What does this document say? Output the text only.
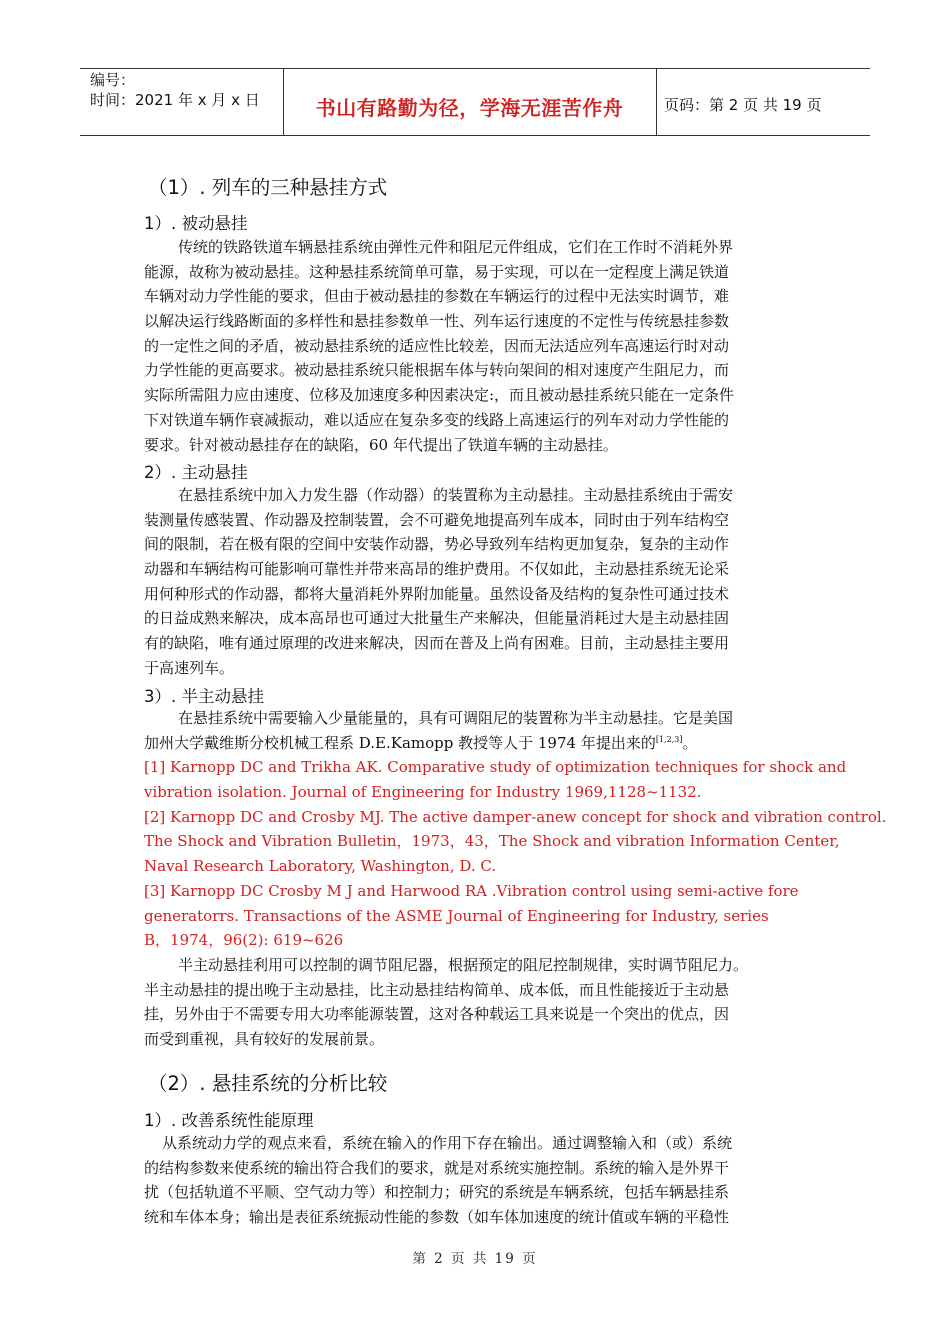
编号：
时间：2021 年 x 月 x 日	书山有路勤为径，学海无涯苦作舟	页码：第 2 页 共 19 页
（1）. 列车的三种悬挂方式
1）. 被动悬挂
传统的铁路铁道车辆悬挂系统由弹性元件和阻尼元件组成，它们在工作时不消耗外界
能源，故称为被动悬挂。这种悬挂系统简单可靠，易于实现，可以在一定程度上满足铁道
车辆对动力学性能的要求，但由于被动悬挂的参数在车辆运行的过程中无法实时调节，难
以解决运行线路断面的多样性和悬挂参数单一性、列车运行速度的不定性与传统悬挂参数
的一定性之间的矛盾，被动悬挂系统的适应性比较差，因而无法适应列车高速运行时对动
力学性能的更高要求。被动悬挂系统只能根据车体与转向架间的相对速度产生阻尼力，而
实际所需阻力应由速度、位移及加速度多种因素决定:，而且被动悬挂系统只能在一定条件
下对铁道车辆作衰减振动，难以适应在复杂多变的线路上高速运行的列车对动力学性能的
要求。针对被动悬挂存在的缺陷，60 年代提出了铁道车辆的主动悬挂。
2）. 主动悬挂
在悬挂系统中加入力发生器（作动器）的装置称为主动悬挂。主动悬挂系统由于需安
装测量传感装置、作动器及控制装置，会不可避免地提高列车成本，同时由于列车结构空
间的限制，若在极有限的空间中安装作动器，势必导致列车结构更加复杂，复杂的主动作
动器和车辆结构可能影响可靠性并带来高昂的维护费用。不仅如此，主动悬挂系统无论采
用何种形式的作动器，都将大量消耗外界附加能量。虽然设备及结构的复杂性可通过技术
的日益成熟来解决，成本高昂也可通过大批量生产来解决，但能量消耗过大是主动悬挂固
有的缺陷，唯有通过原理的改进来解决，因而在普及上尚有困难。目前，主动悬挂主要用
于高速列车。
3）. 半主动悬挂
在悬挂系统中需要输入少量能量的，具有可调阻尼的装置称为半主动悬挂。它是美国
加州大学戴维斯分校机械工程系 D.E.Kamopp 教授等人于 1974 年提出来的[1,2,3]。
[1] Karnopp DC and Trikha AK. Comparative study of optimization techniques for shock and
vibration isolation. Journal of Engineering for Industry 1969,1128~1132.
[2] Karnopp DC and Crosby MJ. The active damper-anew concept for shock and vibration control.
The Shock and Vibration Bulletin，1973，43，The Shock and vibration Information Center,
Naval Research Laboratory, Washington, D. C.
[3] Karnopp DC Crosby M J and Harwood RA .Vibration control using semi-active fore
generatorrs. Transactions of the ASME Journal of Engineering for Industry, series
B，1974，96(2): 619~626
半主动悬挂利用可以控制的调节阻尼器，根据预定的阻尼控制规律，实时调节阻尼力。
半主动悬挂的提出晚于主动悬挂，比主动悬挂结构简单、成本低，而且性能接近于主动悬
挂，另外由于不需要专用大功率能源装置，这对各种载运工具来说是一个突出的优点，因
而受到重视，具有较好的发展前景。
（2）. 悬挂系统的分析比较
1）. 改善系统性能原理
从系统动力学的观点来看，系统在输入的作用下存在输出。通过调整输入和（或）系统
的结构参数来使系统的输出符合我们的要求，就是对系统实施控制。系统的输入是外界干
扰（包括轨道不平顺、空气动力等）和控制力；研究的系统是车辆系统，包括车辆悬挂系
统和车体本身；输出是表征系统振动性能的参数（如车体加速度的统计值或车辆的平稳性
第 2 页 共 19 页
